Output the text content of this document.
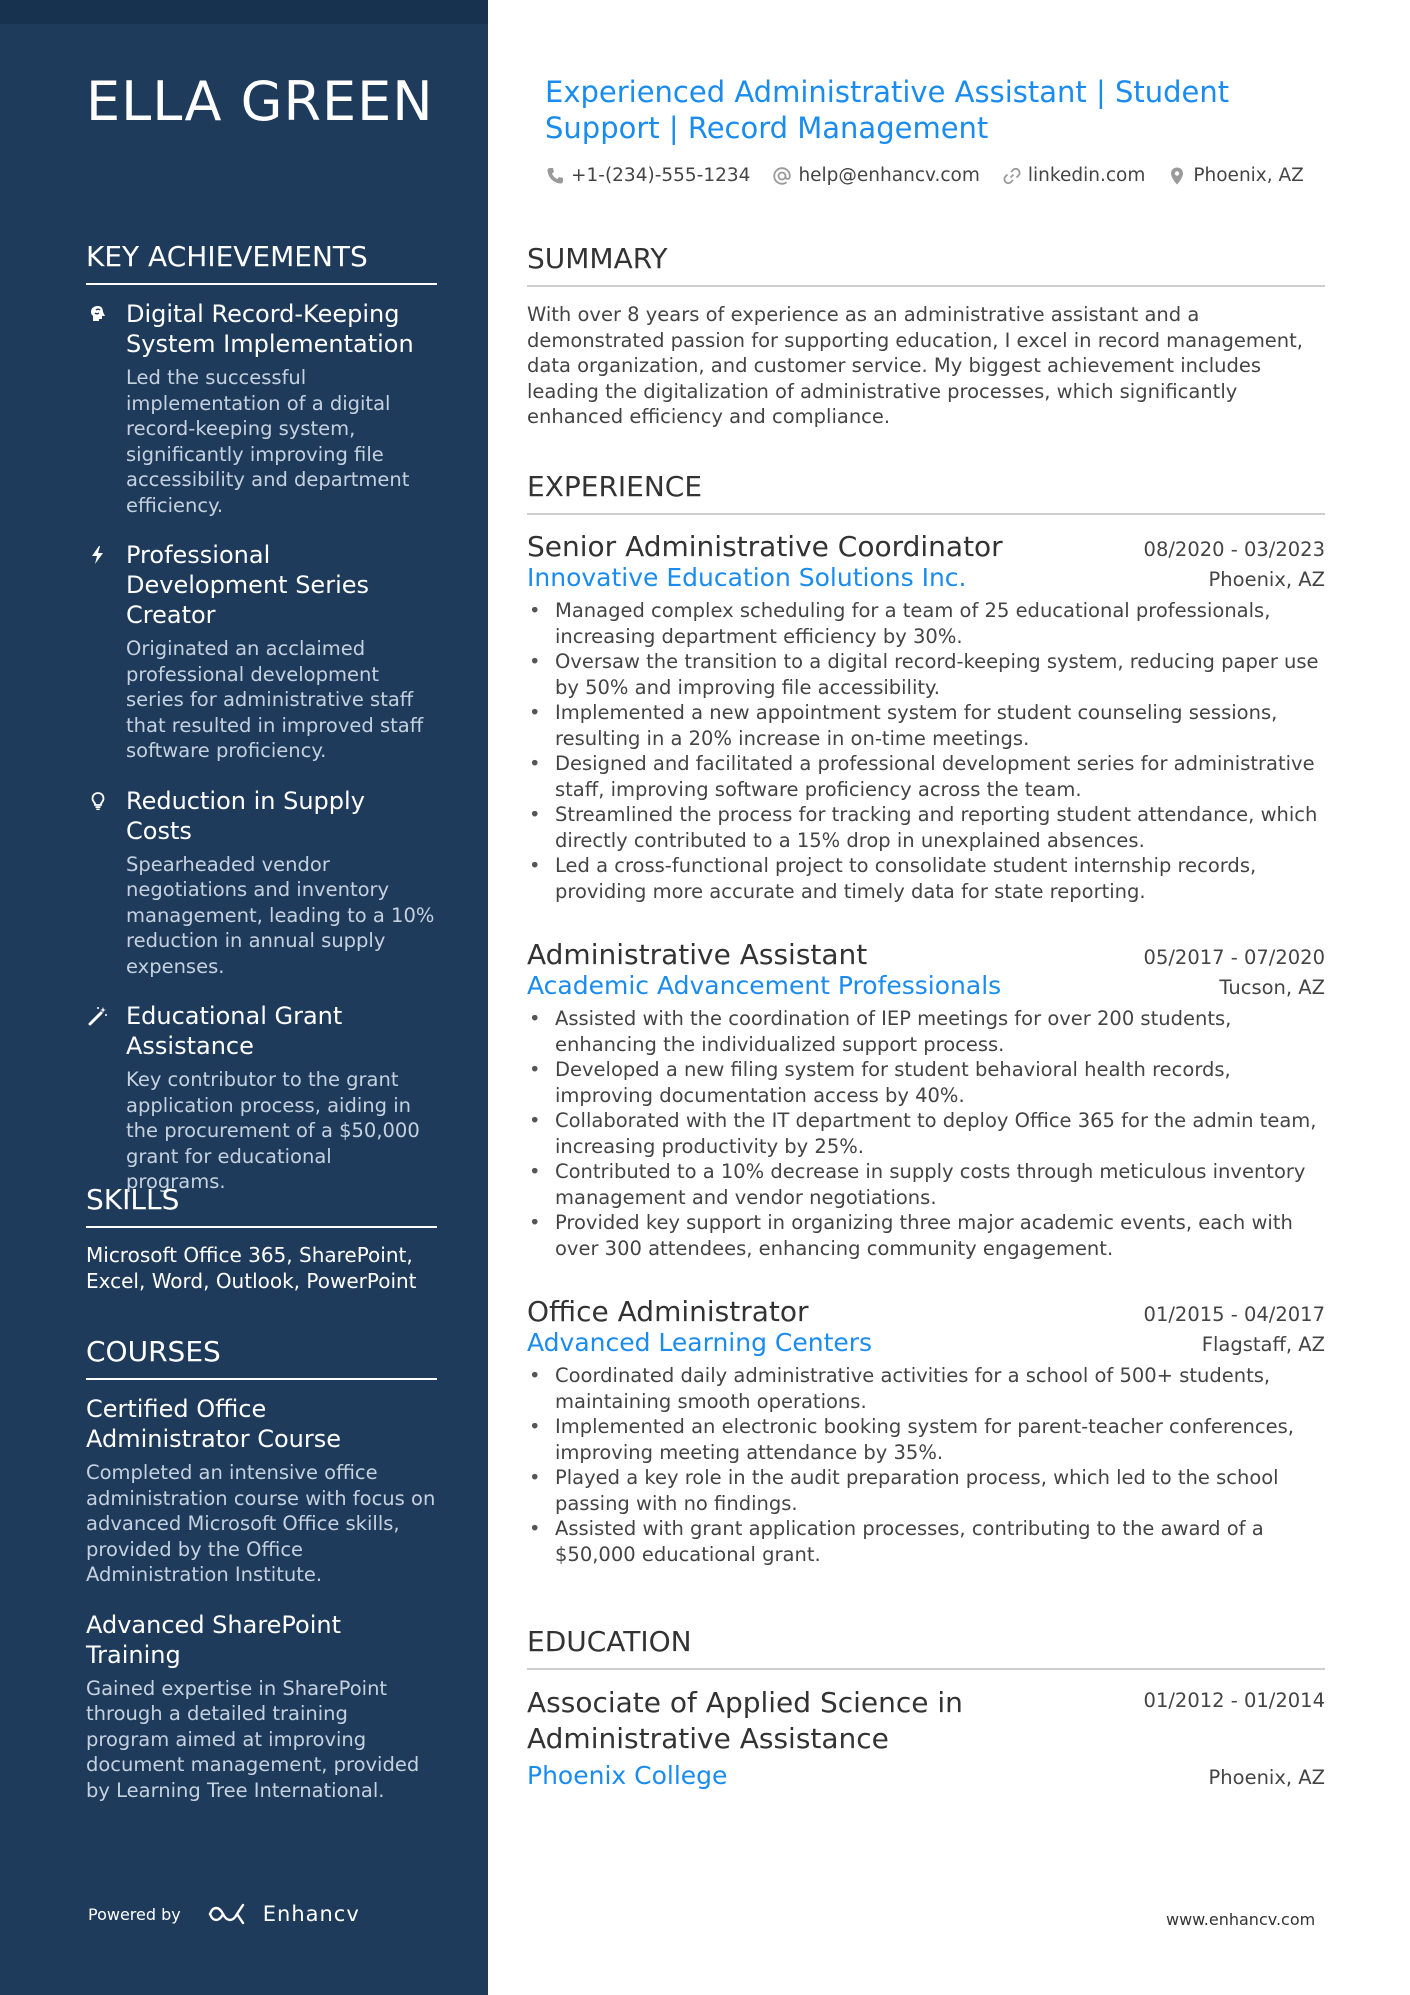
ELLA GREEN
KEY ACHIEVEMENTS
Digital Record-Keeping System Implementation
Led the successful implementation of a digital record-keeping system, significantly improving file accessibility and department efficiency.
Professional Development Series Creator
Originated an acclaimed professional development series for administrative staff that resulted in improved staff software proficiency.
Reduction in Supply Costs
Spearheaded vendor negotiations and inventory management, leading to a 10% reduction in annual supply expenses.
Educational Grant Assistance
Key contributor to the grant application process, aiding in the procurement of a $50,000 grant for educational programs.
SKILLS
Microsoft Office 365, SharePoint, Excel, Word, Outlook, PowerPoint
COURSES
Certified Office Administrator Course
Completed an intensive office administration course with focus on advanced Microsoft Office skills, provided by the Office Administration Institute.
Advanced SharePoint Training
Gained expertise in SharePoint through a detailed training program aimed at improving document management, provided by Learning Tree International.
Powered by	Enhancv
Experienced Administrative Assistant | Student Support | Record Management
+1-(234)-555-1234	help@enhancv.com	linkedin.com	Phoenix, AZ
SUMMARY
With over 8 years of experience as an administrative assistant and a demonstrated passion for supporting education, I excel in record management, data organization, and customer service. My biggest achievement includes leading the digitalization of administrative processes, which significantly enhanced efficiency and compliance.
EXPERIENCE
Senior Administrative Coordinator	08/2020 - 03/2023
Innovative Education Solutions Inc.	Phoenix, AZ
• Managed complex scheduling for a team of 25 educational professionals, increasing department efficiency by 30%.
• Oversaw the transition to a digital record-keeping system, reducing paper use by 50% and improving file accessibility.
• Implemented a new appointment system for student counseling sessions, resulting in a 20% increase in on-time meetings.
• Designed and facilitated a professional development series for administrative staff, improving software proficiency across the team.
• Streamlined the process for tracking and reporting student attendance, which directly contributed to a 15% drop in unexplained absences.
• Led a cross-functional project to consolidate student internship records, providing more accurate and timely data for state reporting.
Administrative Assistant	05/2017 - 07/2020
Academic Advancement Professionals	Tucson, AZ
• Assisted with the coordination of IEP meetings for over 200 students, enhancing the individualized support process.
• Developed a new filing system for student behavioral health records, improving documentation access by 40%.
• Collaborated with the IT department to deploy Office 365 for the admin team, increasing productivity by 25%.
• Contributed to a 10% decrease in supply costs through meticulous inventory management and vendor negotiations.
• Provided key support in organizing three major academic events, each with over 300 attendees, enhancing community engagement.
Office Administrator	01/2015 - 04/2017
Advanced Learning Centers	Flagstaff, AZ
• Coordinated daily administrative activities for a school of 500+ students, maintaining smooth operations.
• Implemented an electronic booking system for parent-teacher conferences, improving meeting attendance by 35%.
• Played a key role in the audit preparation process, which led to the school passing with no findings.
• Assisted with grant application processes, contributing to the award of a $50,000 educational grant.
EDUCATION
Associate of Applied Science in Administrative Assistance
01/2012 - 01/2014
Phoenix College	Phoenix, AZ
www.enhancv.com
